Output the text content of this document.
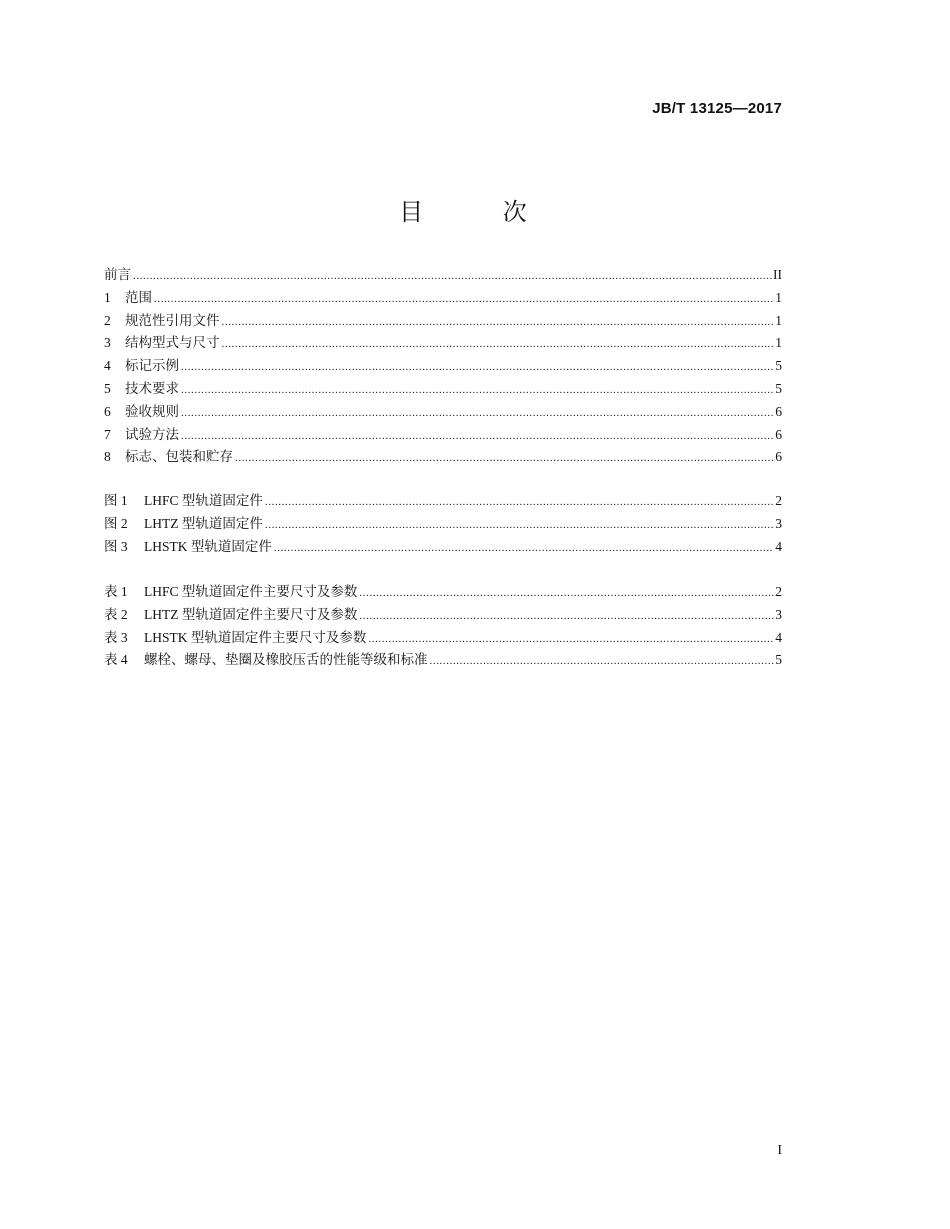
JB/T 13125—2017
目 次
前言 .....	II
1	范围 .....	1
2	规范性引用文件 .....	1
3	结构型式与尺寸 .....	1
4	标记示例 .....	5
5	技术要求 .....	5
6	验收规则 .....	6
7	试验方法 .....	6
8	标志、包装和贮存 .....	6
图 1	LHFC 型轨道固定件 .....	2
图 2	LHTZ 型轨道固定件 .....	3
图 3	LHSTK 型轨道固定件 .....	4
表 1	LHFC 型轨道固定件主要尺寸及参数 .....	2
表 2	LHTZ 型轨道固定件主要尺寸及参数 .....	3
表 3	LHSTK 型轨道固定件主要尺寸及参数 .....	4
表 4	螺栓、螺母、垫圈及橡胶压舌的性能等级和标准 .....	5
I
